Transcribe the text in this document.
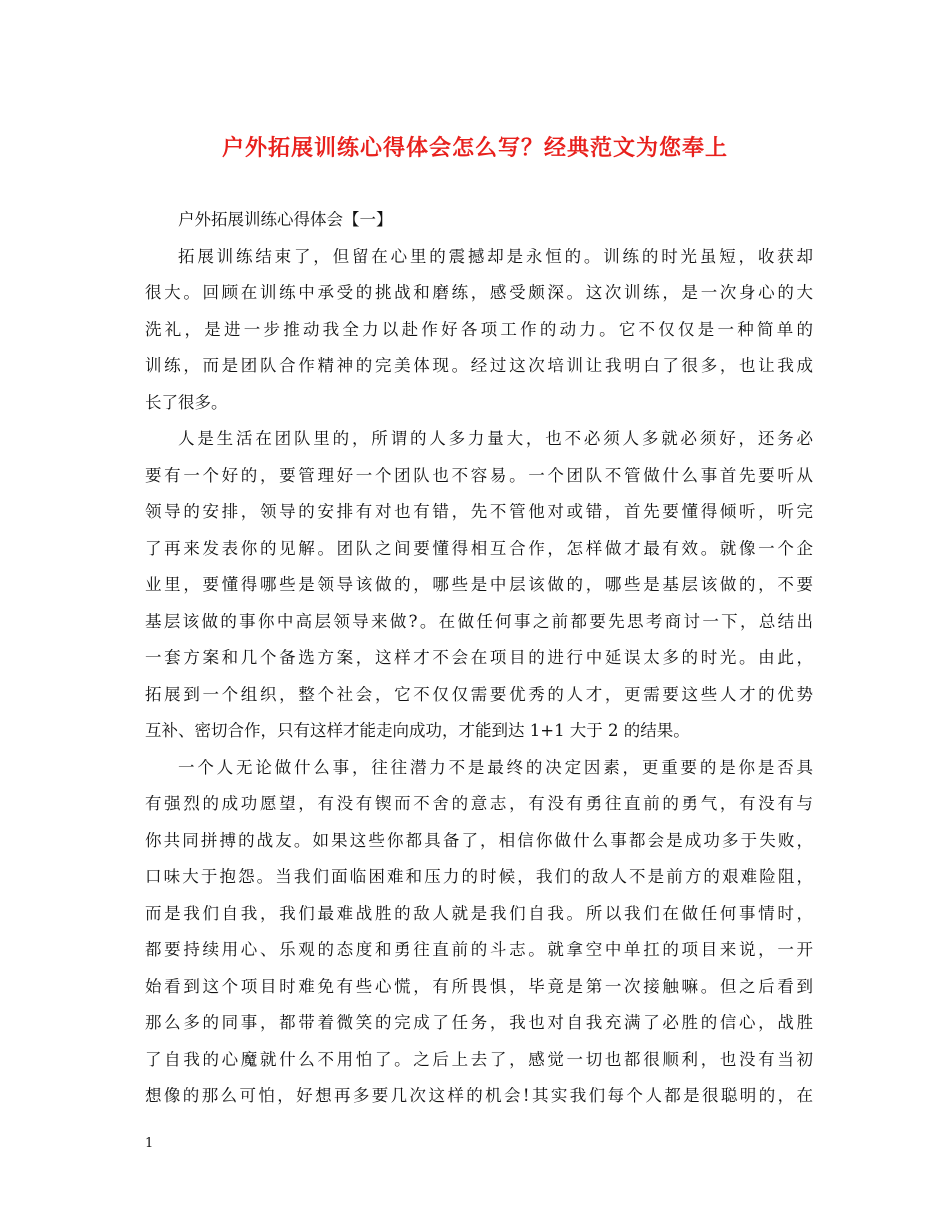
户外拓展训练心得体会怎么写？经典范文为您奉上
户外拓展训练心得体会【一】
拓展训练结束了，但留在心里的震撼却是永恒的。训练的时光虽短，收获却
很大。回顾在训练中承受的挑战和磨练，感受颇深。这次训练，是一次身心的大
洗礼，是进一步推动我全力以赴作好各项工作的动力。它不仅仅是一种简单的
训练，而是团队合作精神的完美体现。经过这次培训让我明白了很多，也让我成
长了很多。
人是生活在团队里的，所谓的人多力量大，也不必须人多就必须好，还务必
要有一个好的，要管理好一个团队也不容易。一个团队不管做什么事首先要听从
领导的安排，领导的安排有对也有错，先不管他对或错，首先要懂得倾听，听完
了再来发表你的见解。团队之间要懂得相互合作，怎样做才最有效。就像一个企
业里，要懂得哪些是领导该做的，哪些是中层该做的，哪些是基层该做的，不要
基层该做的事你中高层领导来做?。在做任何事之前都要先思考商讨一下，总结出
一套方案和几个备选方案，这样才不会在项目的进行中延误太多的时光。由此，
拓展到一个组织，整个社会，它不仅仅需要优秀的人才，更需要这些人才的优势
互补、密切合作，只有这样才能走向成功，才能到达 1+1 大于 2 的结果。
一个人无论做什么事，往往潜力不是最终的决定因素，更重要的是你是否具
有强烈的成功愿望，有没有锲而不舍的意志，有没有勇往直前的勇气，有没有与
你共同拼搏的战友。如果这些你都具备了，相信你做什么事都会是成功多于失败，
口味大于抱怨。当我们面临困难和压力的时候，我们的敌人不是前方的艰难险阻，
而是我们自我，我们最难战胜的敌人就是我们自我。所以我们在做任何事情时，
都要持续用心、乐观的态度和勇往直前的斗志。就拿空中单扛的项目来说，一开
始看到这个项目时难免有些心慌，有所畏惧，毕竟是第一次接触嘛。但之后看到
那么多的同事，都带着微笑的完成了任务，我也对自我充满了必胜的信心，战胜
了自我的心魔就什么不用怕了。之后上去了，感觉一切也都很顺利，也没有当初
想像的那么可怕，好想再多要几次这样的机会!其实我们每个人都是很聪明的，在
1
